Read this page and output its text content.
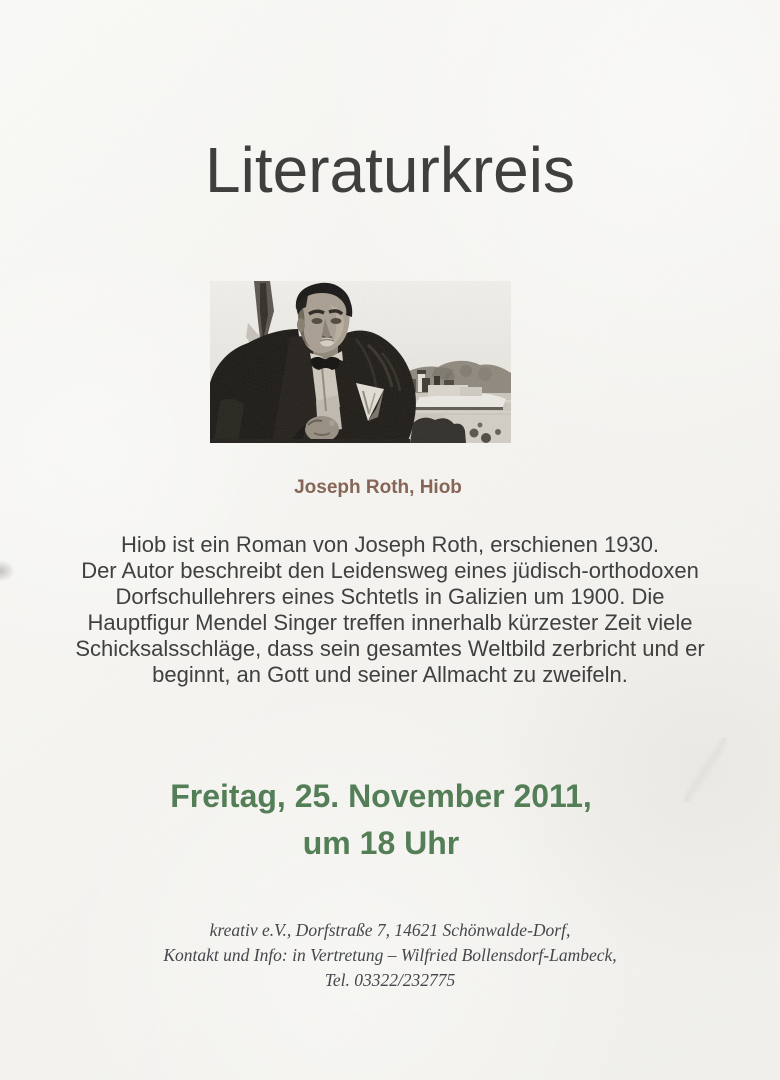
Literaturkreis
Joseph Roth, Hiob
Hiob ist ein Roman von Joseph Roth, erschienen 1930.
Der Autor beschreibt den Leidensweg eines jüdisch-orthodoxen
Dorfschullehrers eines Schtetls in Galizien um 1900. Die
Hauptfigur Mendel Singer treffen innerhalb kürzester Zeit viele
Schicksalsschläge, dass sein gesamtes Weltbild zerbricht und er
beginnt, an Gott und seiner Allmacht zu zweifeln.
Freitag, 25. November 2011,
um 18 Uhr
kreativ e.V., Dorfstraße 7, 14621 Schönwalde-Dorf,
Kontakt und Info: in Vertretung – Wilfried Bollensdorf-Lambeck,
Tel. 03322/232775
